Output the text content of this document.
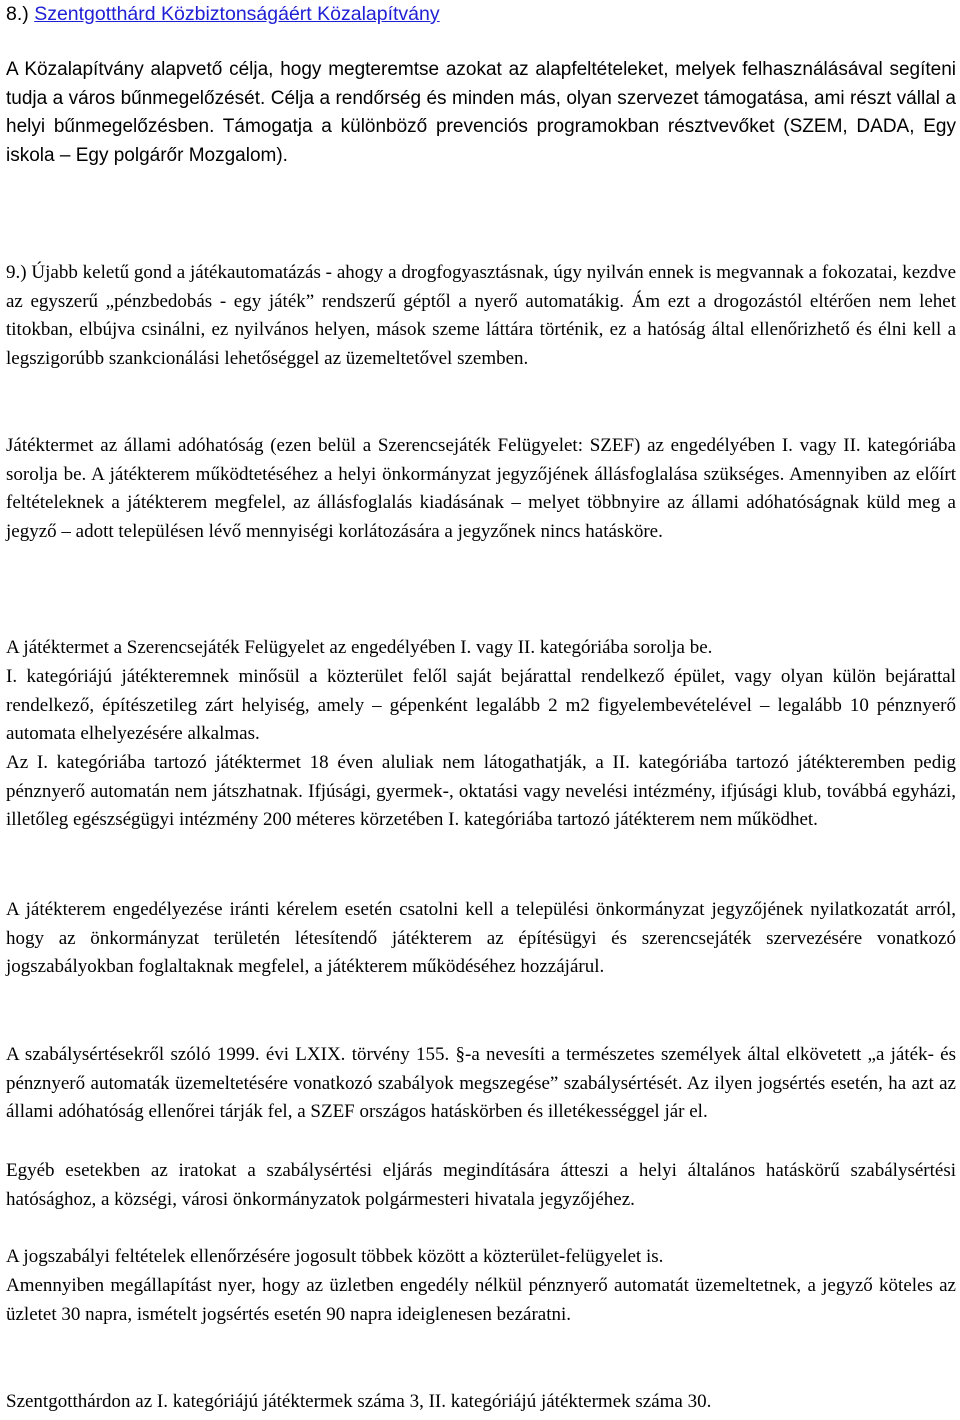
8.) Szentgotthárd Közbiztonságáért Közalapítvány

A Közalapítvány alapvető célja, hogy megteremtse azokat az alapfeltételeket, melyek felhasználásával segíteni tudja a város bűnmegelőzését. Célja a rendőrség és minden más, olyan szervezet támogatása, ami részt vállal a helyi bűnmegelőzésben. Támogatja a különböző prevenciós programokban résztvevőket (SZEM, DADA, Egy iskola – Egy polgárőr Mozgalom).

9.) Újabb keletű gond a játékautomatázás - ahogy a drogfogyasztásnak, úgy nyilván ennek is megvannak a fokozatai, kezdve az egyszerű „pénzbedobás - egy játék” rendszerű géptől a nyerő automatákig. Ám ezt a drogozástól eltérően nem lehet titokban, elbújva csinálni, ez nyilvános helyen, mások szeme láttára történik, ez a hatóság által ellenőrizhető és élni kell a legszigorúbb szankcionálási lehetőséggel az üzemeltetővel szemben.

Játéktermet az állami adóhatóság (ezen belül a Szerencsejáték Felügyelet: SZEF) az engedélyében I. vagy II. kategóriába sorolja be. A játékterem működtetéséhez a helyi önkormányzat jegyzőjének állásfoglalása szükséges. Amennyiben az előírt feltételeknek a játékterem megfelel, az állásfoglalás kiadásának – melyet többnyire az állami adóhatóságnak küld meg a jegyző – adott településen lévő mennyiségi korlátozására a jegyzőnek nincs hatásköre.

A játéktermet a Szerencsejáték Felügyelet az engedélyében I. vagy II. kategóriába sorolja be.

I. kategóriájú játékteremnek minősül a közterület felől saját bejárattal rendelkező épület, vagy olyan külön bejárattal rendelkező, építészetileg zárt helyiség, amely – gépenként legalább 2 m2 figyelembevételével – legalább 10 pénznyerő automata elhelyezésére alkalmas.

Az I. kategóriába tartozó játéktermet 18 éven aluliak nem látogathatják, a II. kategóriába tartozó játékteremben pedig pénznyerő automatán nem játszhatnak. Ifjúsági, gyermek-, oktatási vagy nevelési intézmény, ifjúsági klub, továbbá egyházi, illetőleg egészségügyi intézmény 200 méteres körzetében I. kategóriába tartozó játékterem nem működhet.

A játékterem engedélyezése iránti kérelem esetén csatolni kell a települési önkormányzat jegyzőjének nyilatkozatát arról, hogy az önkormányzat területén létesítendő játékterem az építésügyi és szerencsejáték szervezésére vonatkozó jogszabályokban foglaltaknak megfelel, a játékterem működéséhez hozzájárul.

A szabálysértésekről szóló 1999. évi LXIX. törvény 155. §-a nevesíti a természetes személyek által elkövetett „a játék- és pénznyerő automaták üzemeltetésére vonatkozó szabályok megszegése” szabálysértését. Az ilyen jogsértés esetén, ha azt az állami adóhatóság ellenőrei tárják fel, a SZEF országos hatáskörben és illetékességgel jár el.

Egyéb esetekben az iratokat a szabálysértési eljárás megindítására átteszi a helyi általános hatáskörű szabálysértési hatósághoz, a községi, városi önkormányzatok polgármesteri hivatala jegyzőjéhez.

A jogszabályi feltételek ellenőrzésére jogosult többek között a közterület-felügyelet is.

Amennyiben megállapítást nyer, hogy az üzletben engedély nélkül pénznyerő automatát üzemeltetnek, a jegyző köteles az üzletet 30 napra, ismételt jogsértés esetén 90 napra ideiglenesen bezáratni.

Szentgotthárdon az I. kategóriájú játéktermek száma 3, II. kategóriájú játéktermek száma 30.
